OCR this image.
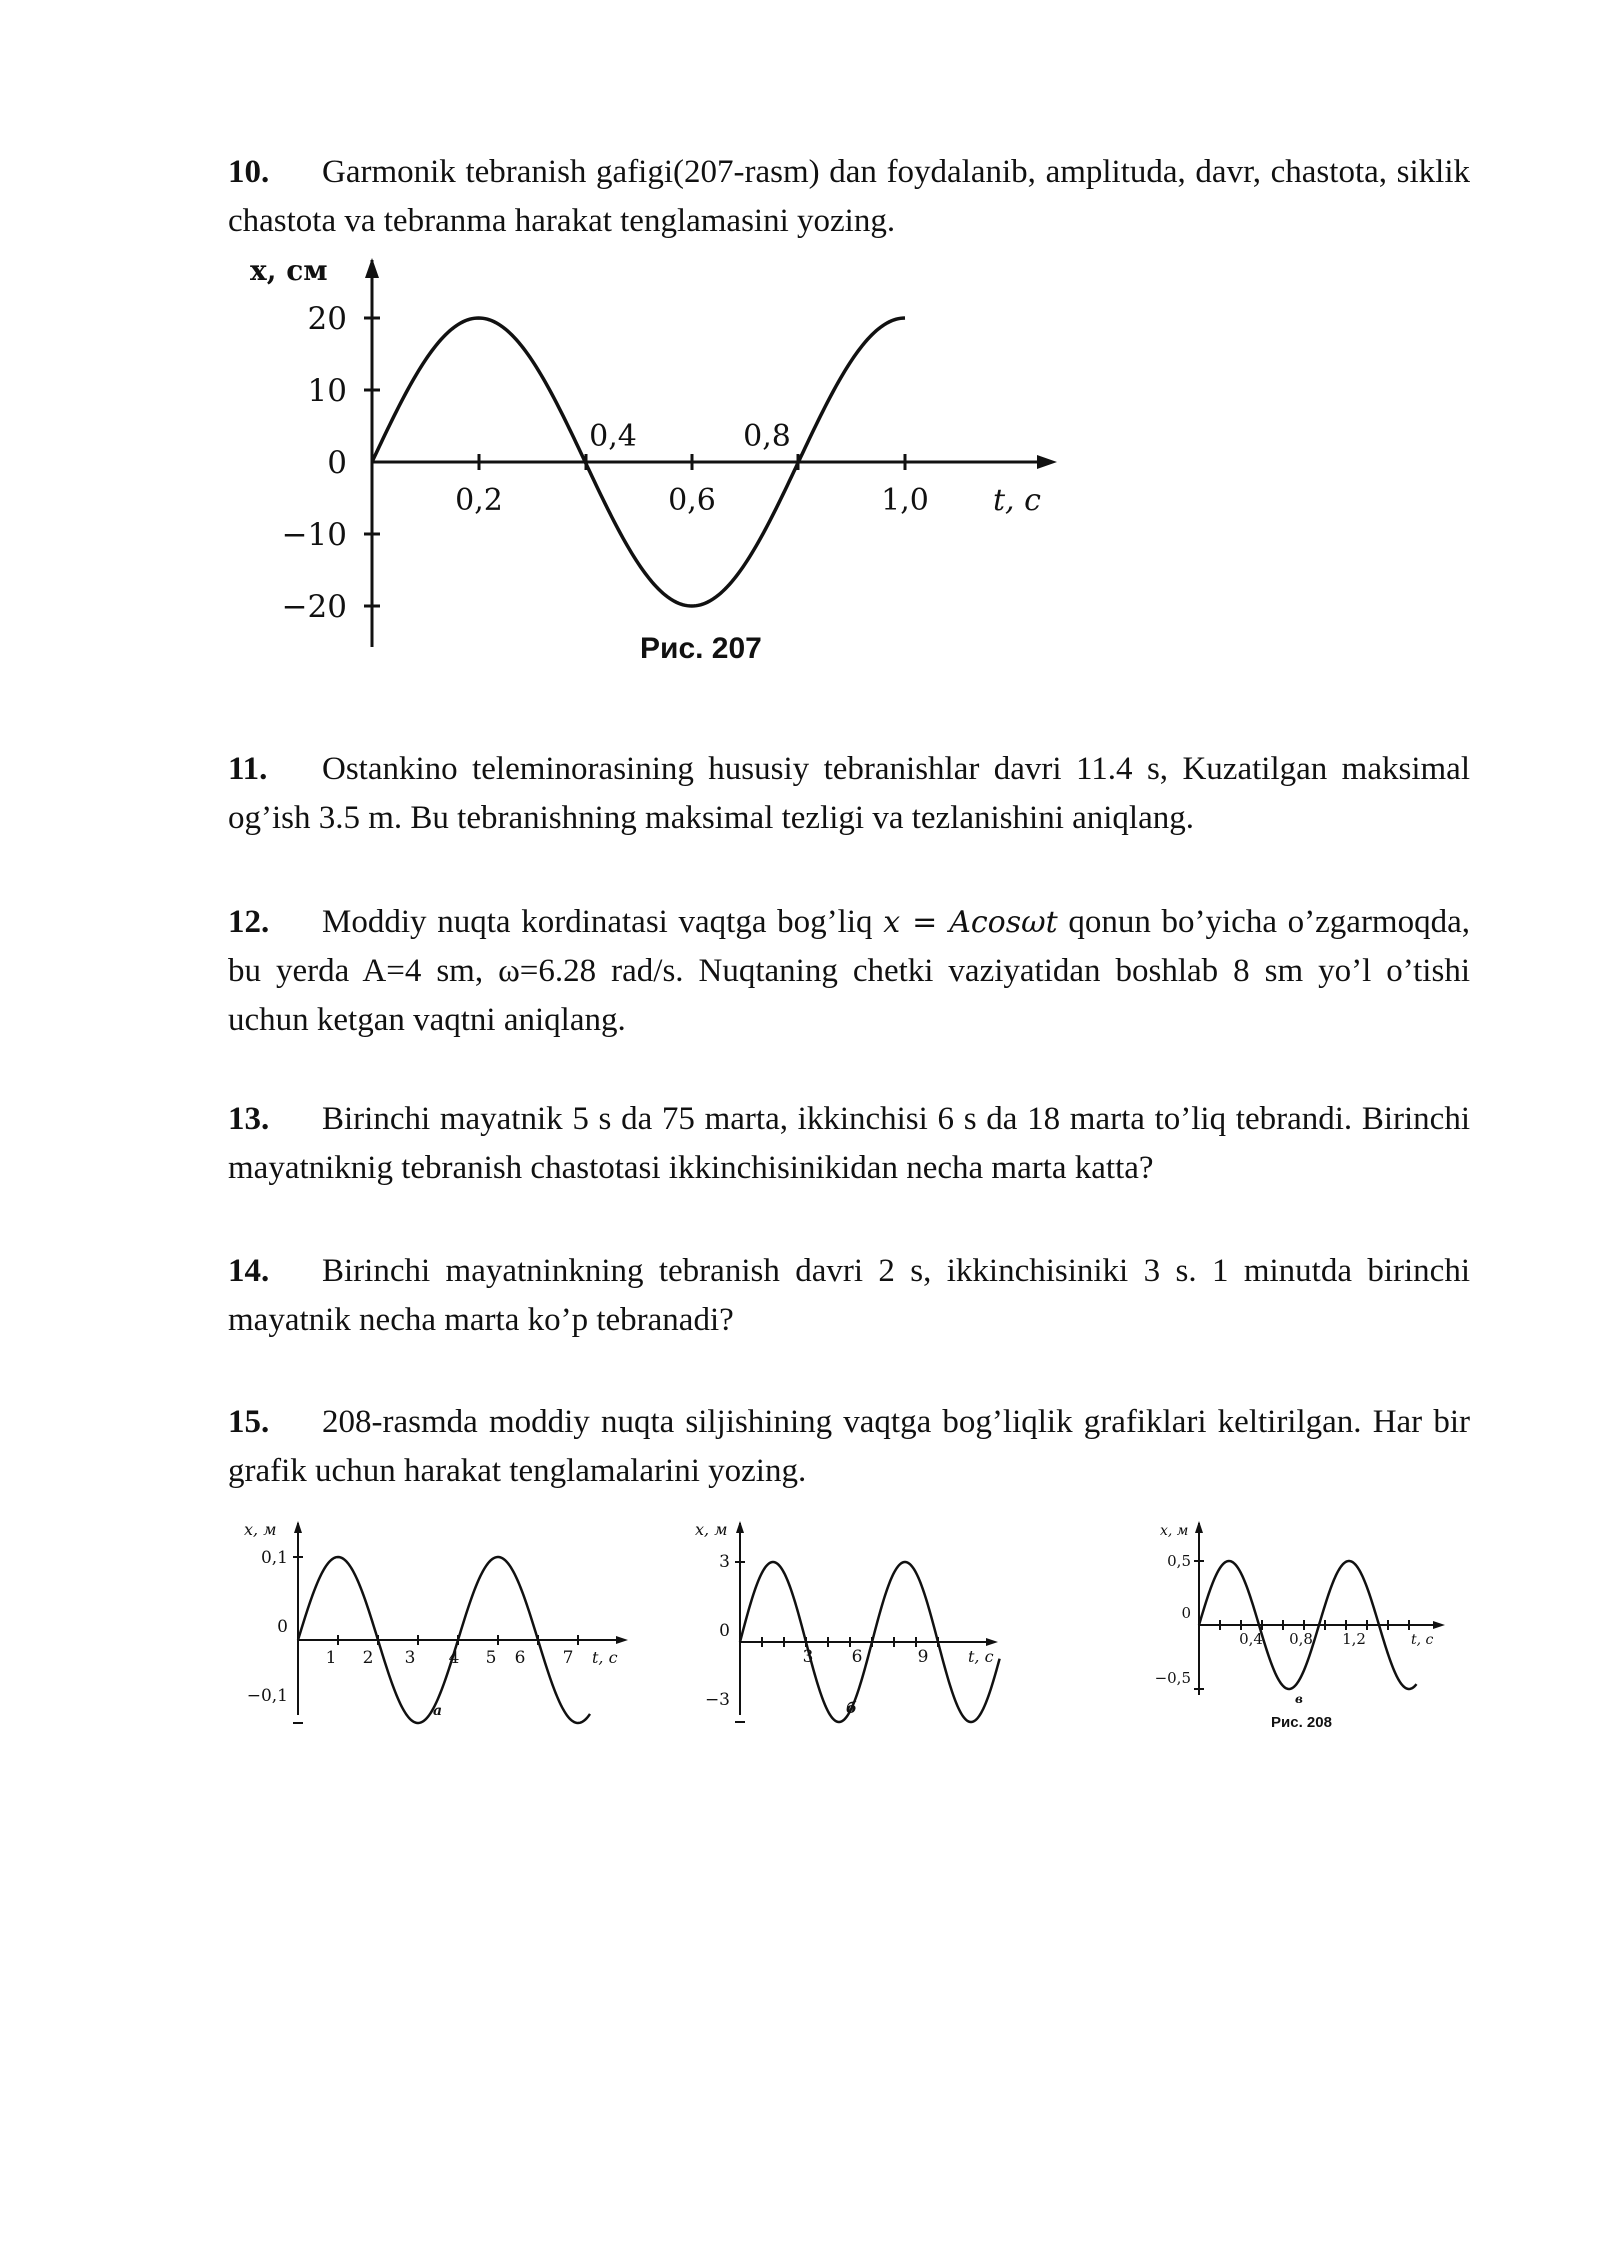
10. Garmonik tebranish gafigi(207-rasm) dan foydalanib, amplituda, davr, chastota, siklik chastota va tebranma harakat tenglamasini yozing.
x, см
20
10
0
−10
−20
0,2	0,6	1,0
0,4	0,8
t, c
Рис. 207
11. Ostankino teleminorasining hususiy tebranishlar davri 11.4 s, Kuzatilgan maksimal og’ish 3.5 m. Bu tebranishning maksimal tezligi va tezlanishini aniqlang.
12. Moddiy nuqta kordinatasi vaqtga bog’liq x = Acosωt qonun bo’yicha o’zgarmoqda, bu yerda A=4 sm, ω=6.28 rad/s. Nuqtaning chetki vaziyatidan boshlab 8 sm yo’l o’tishi uchun ketgan vaqtni aniqlang.
13. Birinchi mayatnik 5 s da 75 marta, ikkinchisi 6 s da 18 marta to’liq tebrandi. Birinchi mayatniknig tebranish chastotasi ikkinchisinikidan necha marta katta?
14. Birinchi mayatninkning tebranish davri 2 s, ikkinchisiniki 3 s. 1 minutda birinchi mayatnik necha marta ko’p tebranadi?
15. 208-rasmda moddiy nuqta siljishining vaqtga bog’liqlik grafiklari keltirilgan. Har bir grafik uchun harakat tenglamalarini yozing.
x, м
0,1
0
−0,1
1 2 3 4 5 6 7 t, c
а
x, м
3
0
−3
3 6	9 t, c
б
x, м
0,5
0
−0,5
0,4 0,8 1,2	t, c
в
Рис. 208
